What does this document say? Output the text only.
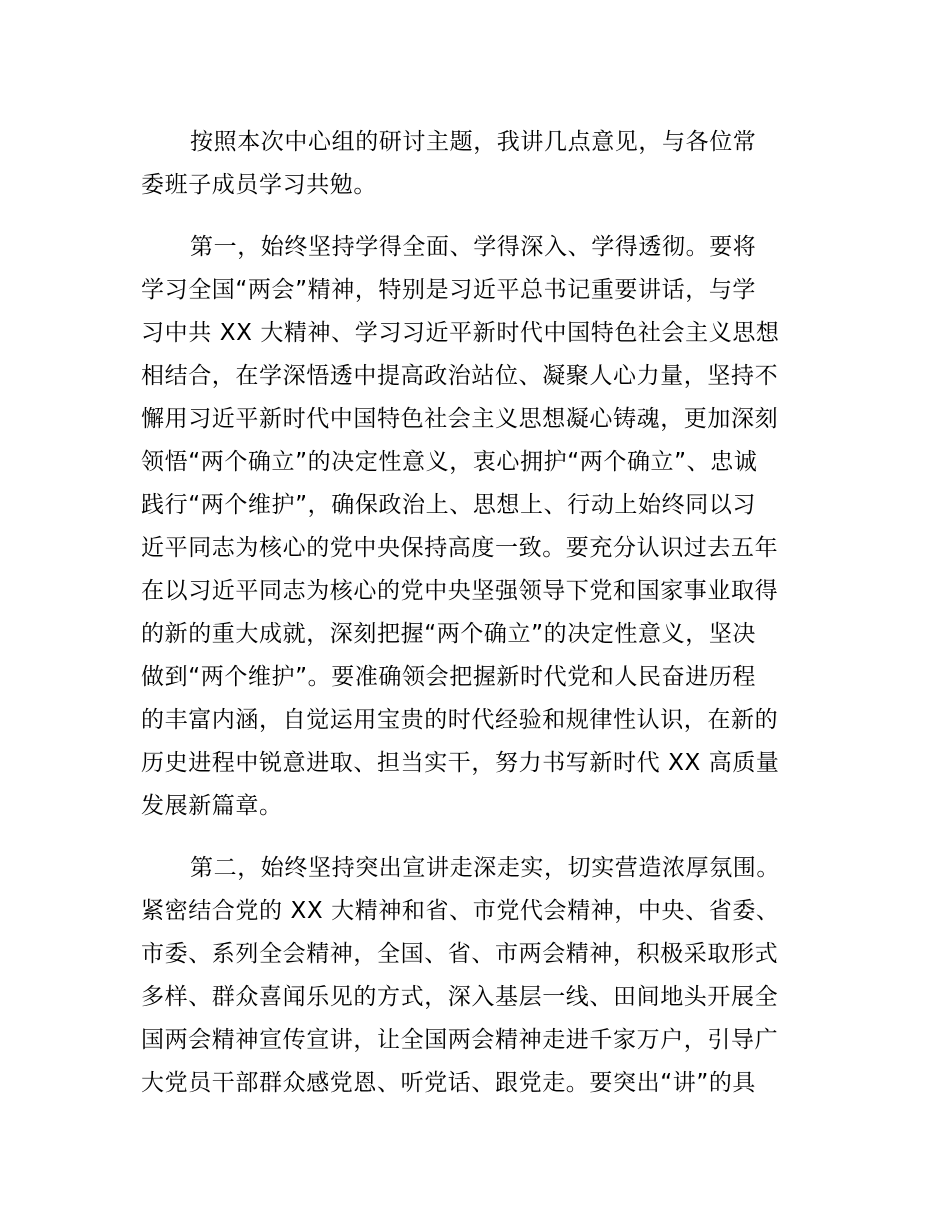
按照本次中心组的研讨主题，我讲几点意见，与各位常
委班子成员学习共勉。
第一，始终坚持学得全面、学得深入、学得透彻。要将
学习全国“两会”精神，特别是习近平总书记重要讲话，与学
习中共 XX 大精神、学习习近平新时代中国特色社会主义思想
相结合，在学深悟透中提高政治站位、凝聚人心力量，坚持不
懈用习近平新时代中国特色社会主义思想凝心铸魂，更加深刻
领悟“两个确立”的决定性意义，衷心拥护“两个确立”、忠诚
践行“两个维护”，确保政治上、思想上、行动上始终同以习
近平同志为核心的党中央保持高度一致。要充分认识过去五年
在以习近平同志为核心的党中央坚强领导下党和国家事业取得
的新的重大成就，深刻把握“两个确立”的决定性意义，坚决
做到“两个维护”。要准确领会把握新时代党和人民奋进历程
的丰富内涵，自觉运用宝贵的时代经验和规律性认识，在新的
历史进程中锐意进取、担当实干，努力书写新时代 XX 高质量
发展新篇章。
第二，始终坚持突出宣讲走深走实，切实营造浓厚氛围。
紧密结合党的 XX 大精神和省、市党代会精神，中央、省委、
市委、系列全会精神，全国、省、市两会精神，积极采取形式
多样、群众喜闻乐见的方式，深入基层一线、田间地头开展全
国两会精神宣传宣讲，让全国两会精神走进千家万户，引导广
大党员干部群众感党恩、听党话、跟党走。要突出“讲”的具
